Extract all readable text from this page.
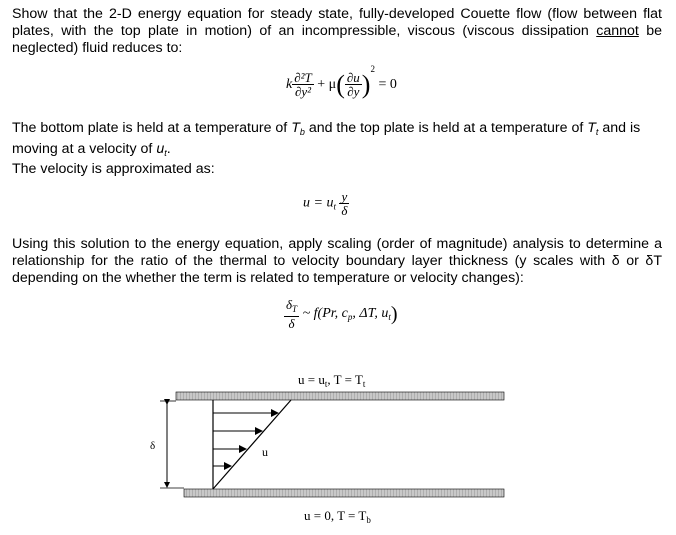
Show that the 2-D energy equation for steady state, fully-developed Couette flow (flow between flat plates, with the top plate in motion) of an incompressible, viscous (viscous dissipation cannot be neglected) fluid reduces to:

k $\frac{\text{∂²T}}{\text{∂y²}} + \mu( \frac{\partial u}{\partial y} )^2 = 0$

The bottom plate is held at a temperature of $T_b$ and the top plate is held at a temperature of $T_t$ and is moving at a velocity of $u_t$.

The velocity is approximated as:

$u = u_t \frac{y}{\delta}$

Using this solution to the energy equation, apply scaling (order of magnitude) analysis to determine a relationship for the ratio of the thermal to velocity boundary layer thickness (y scales with δ or δT depending on the whether the term is related to temperature or velocity changes):

$\frac{\delta_T}{\delta}$ ~ f(Pr, $c_p$, ΔT, $u_t$)
$u = u_t$, $T = T_t$
u = 0, $T = T_b$
u
δ
